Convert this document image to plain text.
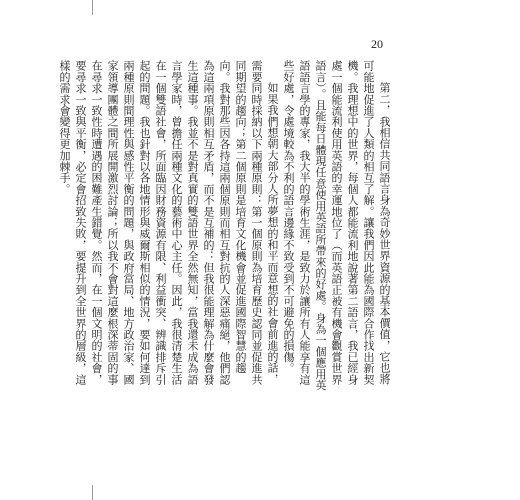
20

第二，我相信共同語言身為奇妙世界資源的基本價值，它也將可能地促進了人類的相互了解。讓我們因此能為國際合作找出新契機。我理想中的世界，每個人都能流利地說著第二語言，我已經身處一個能流利使用英語的幸運地位了（而英語正被有機會觀賞世界語言）。且能每日體現任意使用英語所帶來的好處。身為一個應用英語語言學的專家，我大半的學術生涯，是致力於讓所有人能享有這些好處，令處境較為不利的語言邊緣不致受到不可避免的損傷。

如果我們想朝大部分人所夢想的和平而意想的社會前進的話，需要同時採納以下兩種原則：第一個原則為培育歷史認同並促進共同期望的趨向；第二個原則是培育文化機會並促進國際智慧的趨向。我對那些因各持這兩個原則而相互對抗的人深惡痛絕，他們認為這兩項原則相互矛盾，而不是互補的：但我很能理解為什麼會發生這種事。我並不是對真實的雙語世界全然無知，當我還未成為語言學家時，曾擔任兩種文化的藝術中心主任。因此，我很清楚生活在一個雙語社會，所面臨因財務資源有限、利益衝突、辨識排斥引起的問題。我也針對以各地情形與威爾斯相似的情況，要如何達到兩種原則間理性與感性平衡的問題，與政府當局、地方政治家、國家領導團體之間所展開激烈討論；所以我不會對這麼根深蒂固的事在尋求一致性時遭遇的困難產生錯覺。然而，在一個文明的社會，要尋求一致與平衡，必定會招致失敗，要提升到全世界的層級，這樣的需求會變得更加棘手。
